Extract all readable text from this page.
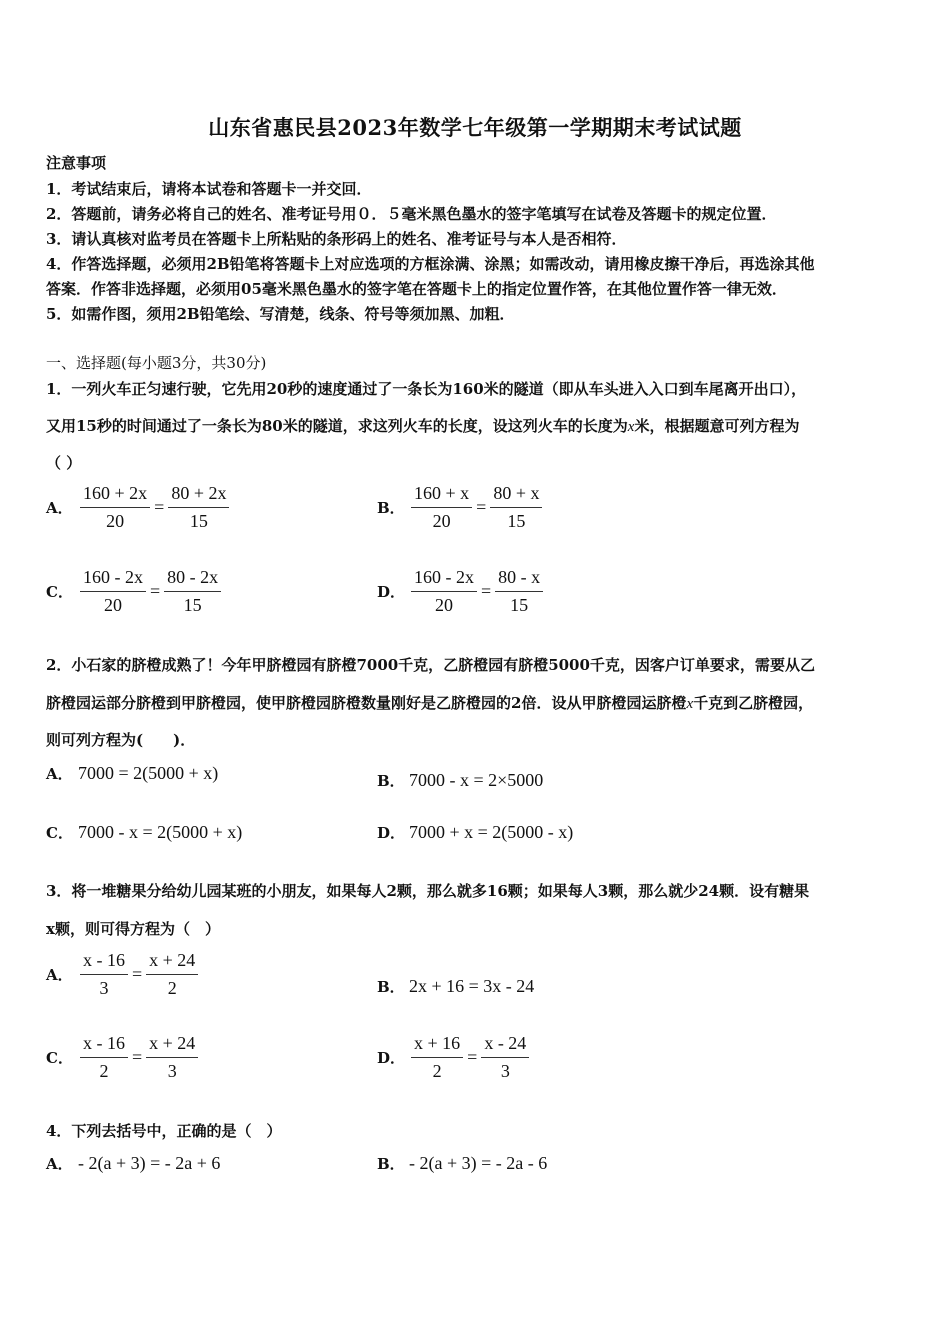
山东省惠民县2023年数学七年级第一学期期末考试试题
注意事项
1．考试结束后，请将本试卷和答题卡一并交回．
2．答题前，请务必将自己的姓名、准考证号用０．５毫米黑色墨水的签字笔填写在试卷及答题卡的规定位置．
3．请认真核对监考员在答题卡上所粘贴的条形码上的姓名、准考证号与本人是否相符．
4．作答选择题，必须用2B铅笔将答题卡上对应选项的方框涂满、涂黑；如需改动，请用橡皮擦干净后，再选涂其他
答案．作答非选择题，必须用05毫米黑色墨水的签字笔在答题卡上的指定位置作答，在其他位置作答一律无效．
5．如需作图，须用2B铅笔绘、写清楚，线条、符号等须加黑、加粗．
一、选择题(每小题3分，共30分)
1．一列火车正匀速行驶，它先用20秒的速度通过了一条长为160米的隧道（即从车头进入入口到车尾离开出口），
又用15秒的时间通过了一条长为80米的隧道，求这列火车的长度，设这列火车的长度为x米，根据题意可列方程为
（ ）
A． $\frac{160 + 2x}{20} = \frac{80 + 2x}{15}$	B． $\frac{160 + x}{20} = \frac{80 + x}{15}$
C． $\frac{160 - 2x}{20} = \frac{80 - 2x}{15}$	D． $\frac{160 - 2x}{20} = \frac{80 - x}{15}$
2．小石家的脐橙成熟了！今年甲脐橙园有脐橙7000千克，乙脐橙园有脐橙5000千克，因客户订单要求，需要从乙
脐橙园运部分脐橙到甲脐橙园，使甲脐橙园脐橙数量刚好是乙脐橙园的2倍．设从甲脐橙园运脐橙x千克到乙脐橙园，
则可列方程为(　　)．
A． 7000 = 2(5000 + x)	B． 7000 - x = 2×5000
C． 7000 - x = 2(5000 + x)	D． 7000 + x = 2(5000 - x)
3．将一堆糖果分给幼儿园某班的小朋友，如果每人2颗，那么就多16颗；如果每人3颗，那么就少24颗．设有糖果
x颗，则可得方程为（　）
A． $\frac{x - 16}{3} = \frac{x + 24}{2}$	B． 2x + 16 = 3x - 24
C． $\frac{x - 16}{2} = \frac{x + 24}{3}$	D． $\frac{x + 16}{2} = \frac{x - 24}{3}$
4．下列去括号中，正确的是（　）
A． - 2(a + 3) = - 2a + 6	B． - 2(a + 3) = - 2a - 6
